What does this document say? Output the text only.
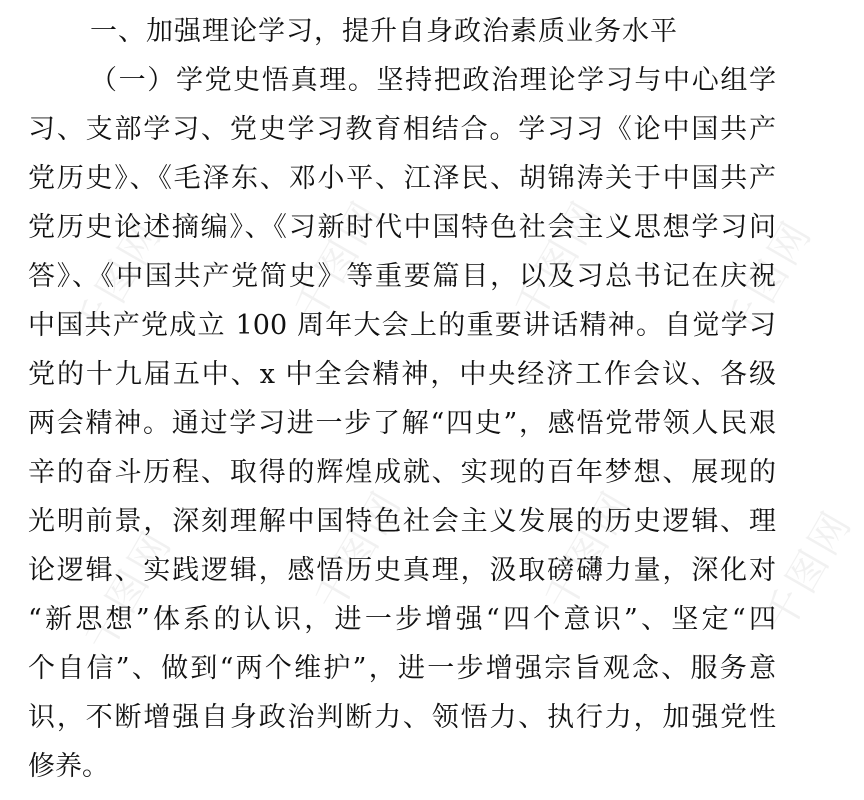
千图网	千图网	千图网	千图网
千图网	千图网	千图网	千图网
一、加强理论学习，提升自身政治素质业务水平
（一）学党史悟真理。坚持把政治理论学习与中心组学
习、支部学习、党史学习教育相结合。学习习《论中国共产
党历史》、《毛泽东、邓小平、江泽民、胡锦涛关于中国共产
党历史论述摘编》、《习新时代中国特色社会主义思想学习问
答》、《中国共产党简史》等重要篇目，以及习总书记在庆祝
中国共产党成立 100 周年大会上的重要讲话精神。自觉学习
党的十九届五中、x 中全会精神，中央经济工作会议、各级
两会精神。通过学习进一步了解“四史”，感悟党带领人民艰
辛的奋斗历程、取得的辉煌成就、实现的百年梦想、展现的
光明前景，深刻理解中国特色社会主义发展的历史逻辑、理
论逻辑、实践逻辑，感悟历史真理，汲取磅礴力量，深化对
“新思想”体系的认识，进一步增强“四个意识”、坚定“四
个自信”、做到“两个维护”，进一步增强宗旨观念、服务意
识，不断增强自身政治判断力、领悟力、执行力，加强党性
修养。
